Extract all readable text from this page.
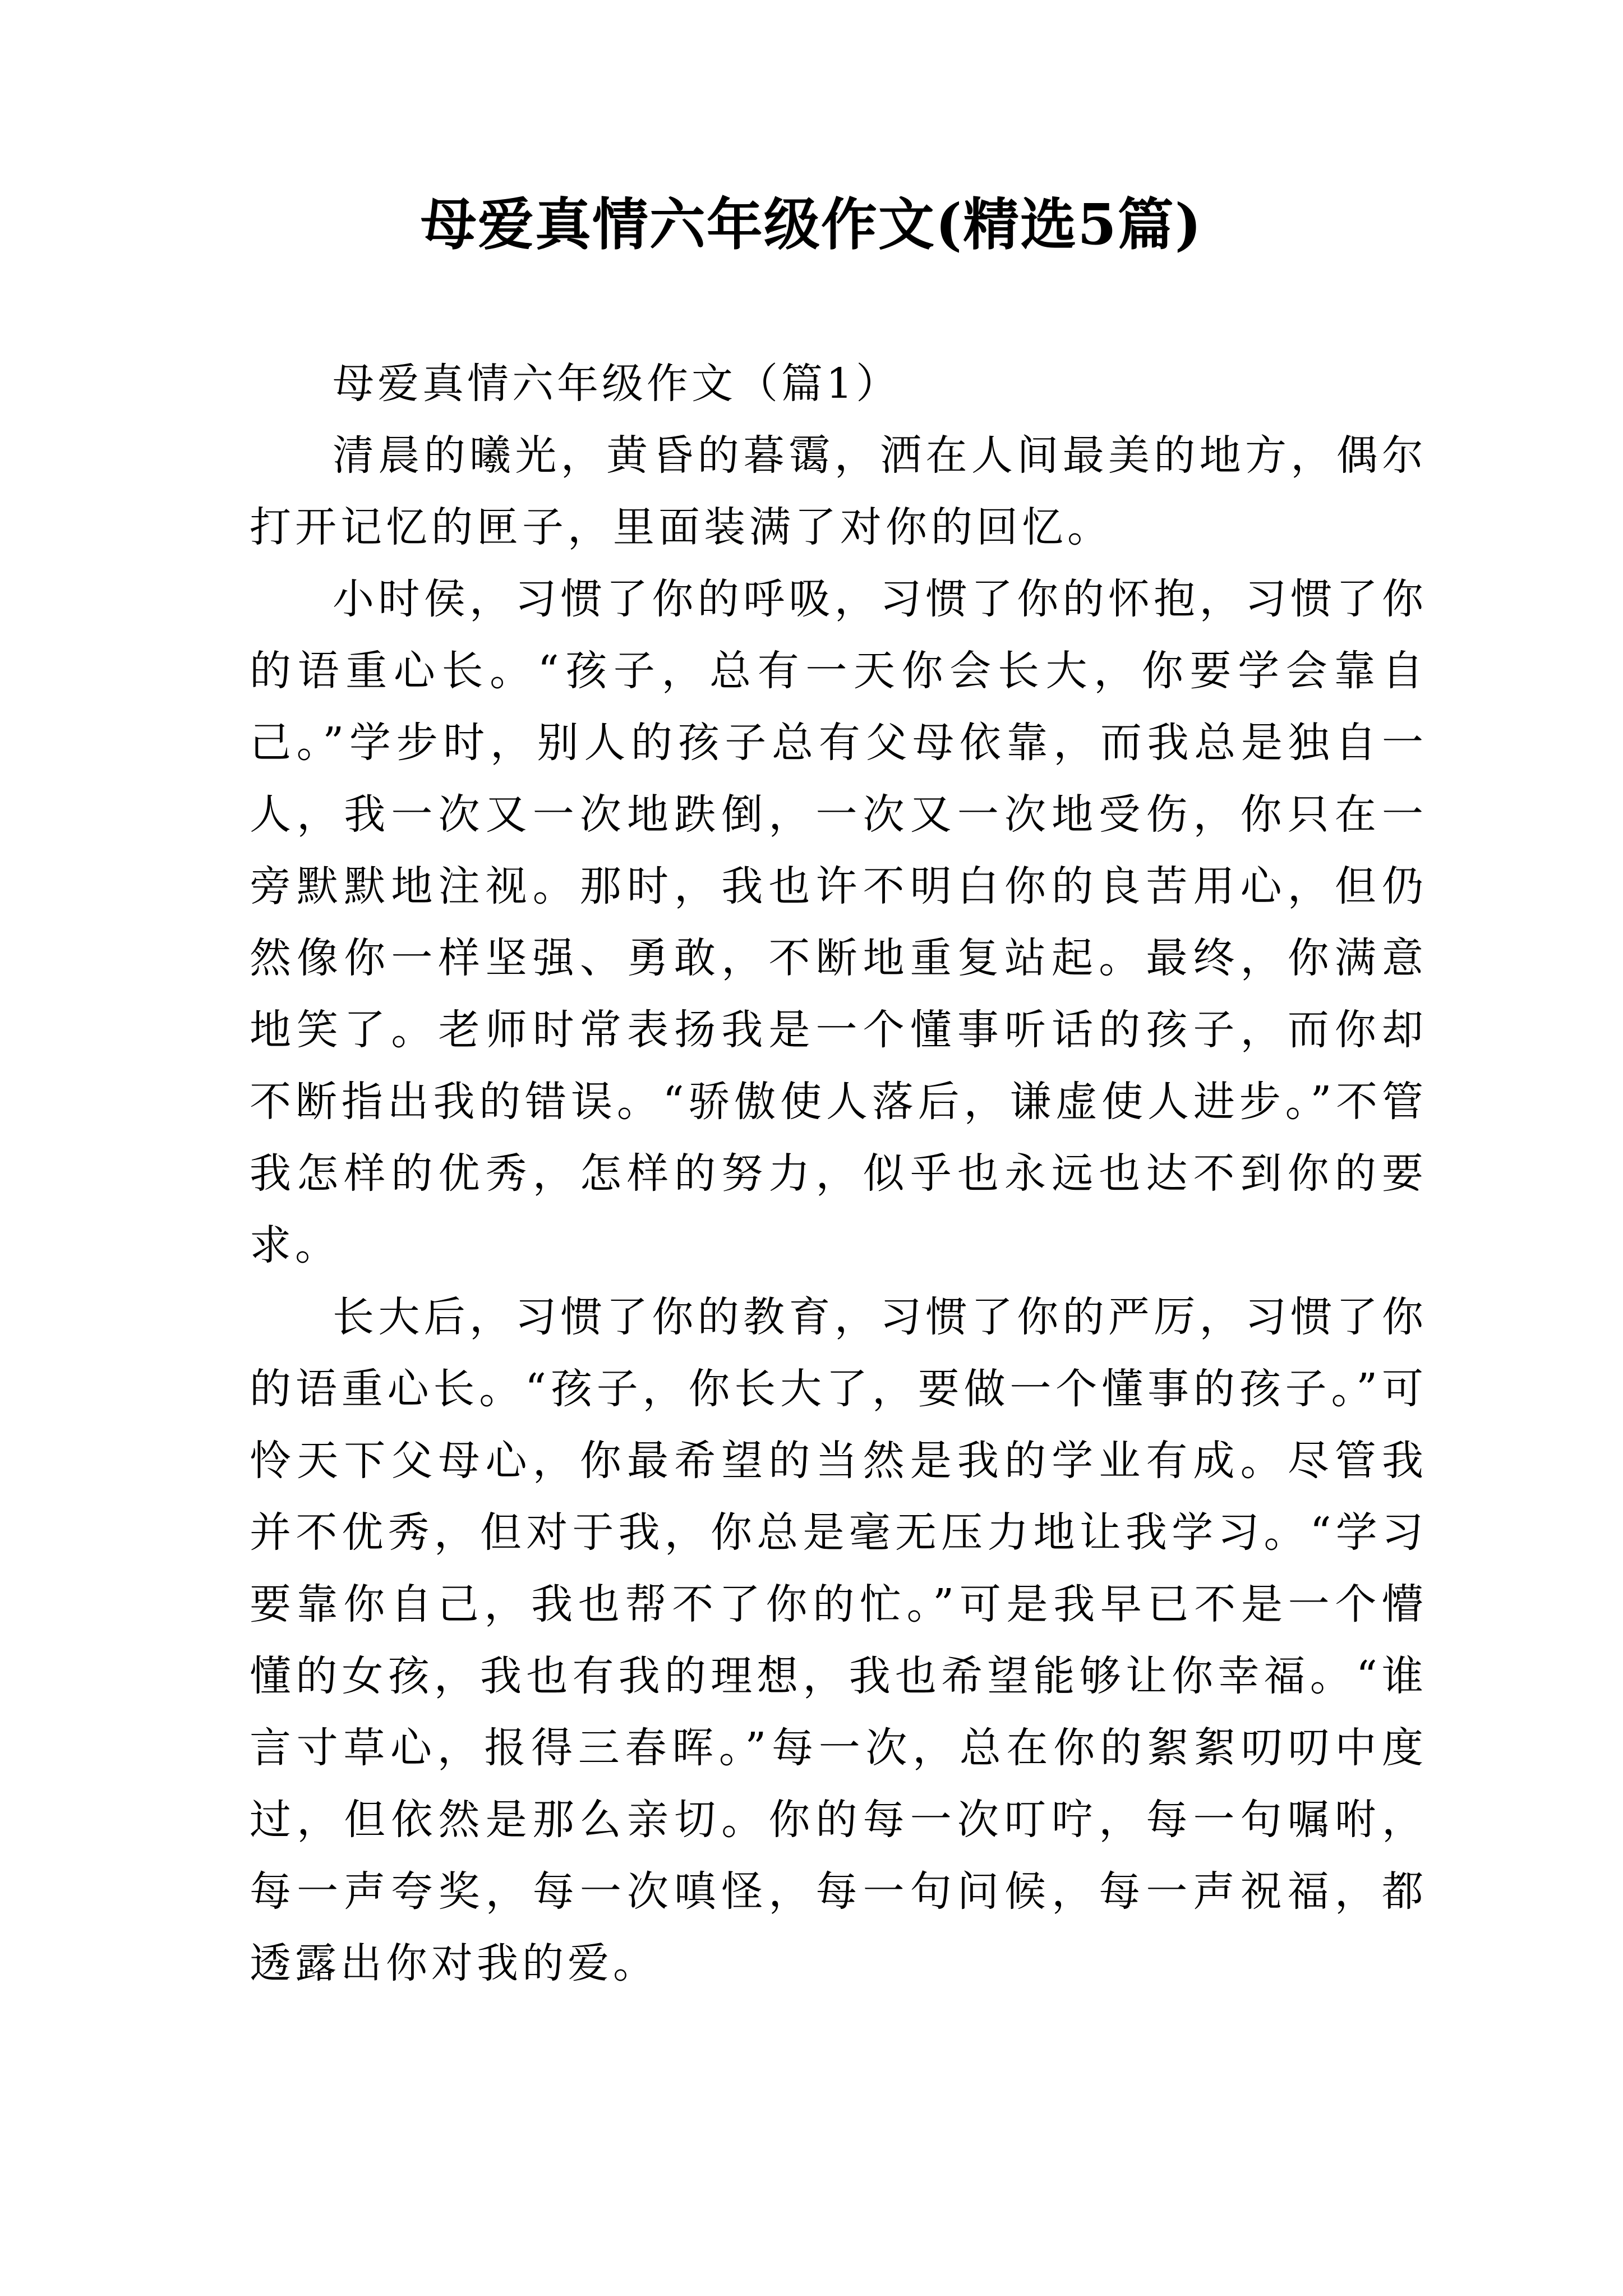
母爱真情六年级作文(精选5篇)

母爱真情六年级作文（篇1）

清晨的曦光，黄昏的暮霭，洒在人间最美的地方，偶尔打开记忆的匣子，里面装满了对你的回忆。

小时侯，习惯了你的呼吸，习惯了你的怀抱，习惯了你的语重心长。“孩子，总有一天你会长大，你要学会靠自己。”学步时，别人的孩子总有父母依靠，而我总是独自一人，我一次又一次地跌倒，一次又一次地受伤，你只在一旁默默地注视。那时，我也许不明白你的良苦用心，但仍然像你一样坚强、勇敢，不断地重复站起。最终，你满意地笑了。老师时常表扬我是一个懂事听话的孩子，而你却不断指出我的错误。“骄傲使人落后，谦虚使人进步。”不管我怎样的优秀，怎样的努力，似乎也永远也达不到你的要求。

长大后，习惯了你的教育，习惯了你的严厉，习惯了你的语重心长。“孩子，你长大了，要做一个懂事的孩子。”可怜天下父母心，你最希望的当然是我的学业有成。尽管我并不优秀，但对于我，你总是毫无压力地让我学习。“学习要靠你自己，我也帮不了你的忙。”可是我早已不是一个懵懂的女孩，我也有我的理想，我也希望能够让你幸福。“谁言寸草心，报得三春晖。”每一次，总在你的絮絮叨叨中度过，但依然是那么亲切。你的每一次叮咛，每一句嘱咐，每一声夸奖，每一次嗔怪，每一句问候，每一声祝福，都透露出你对我的爱。
